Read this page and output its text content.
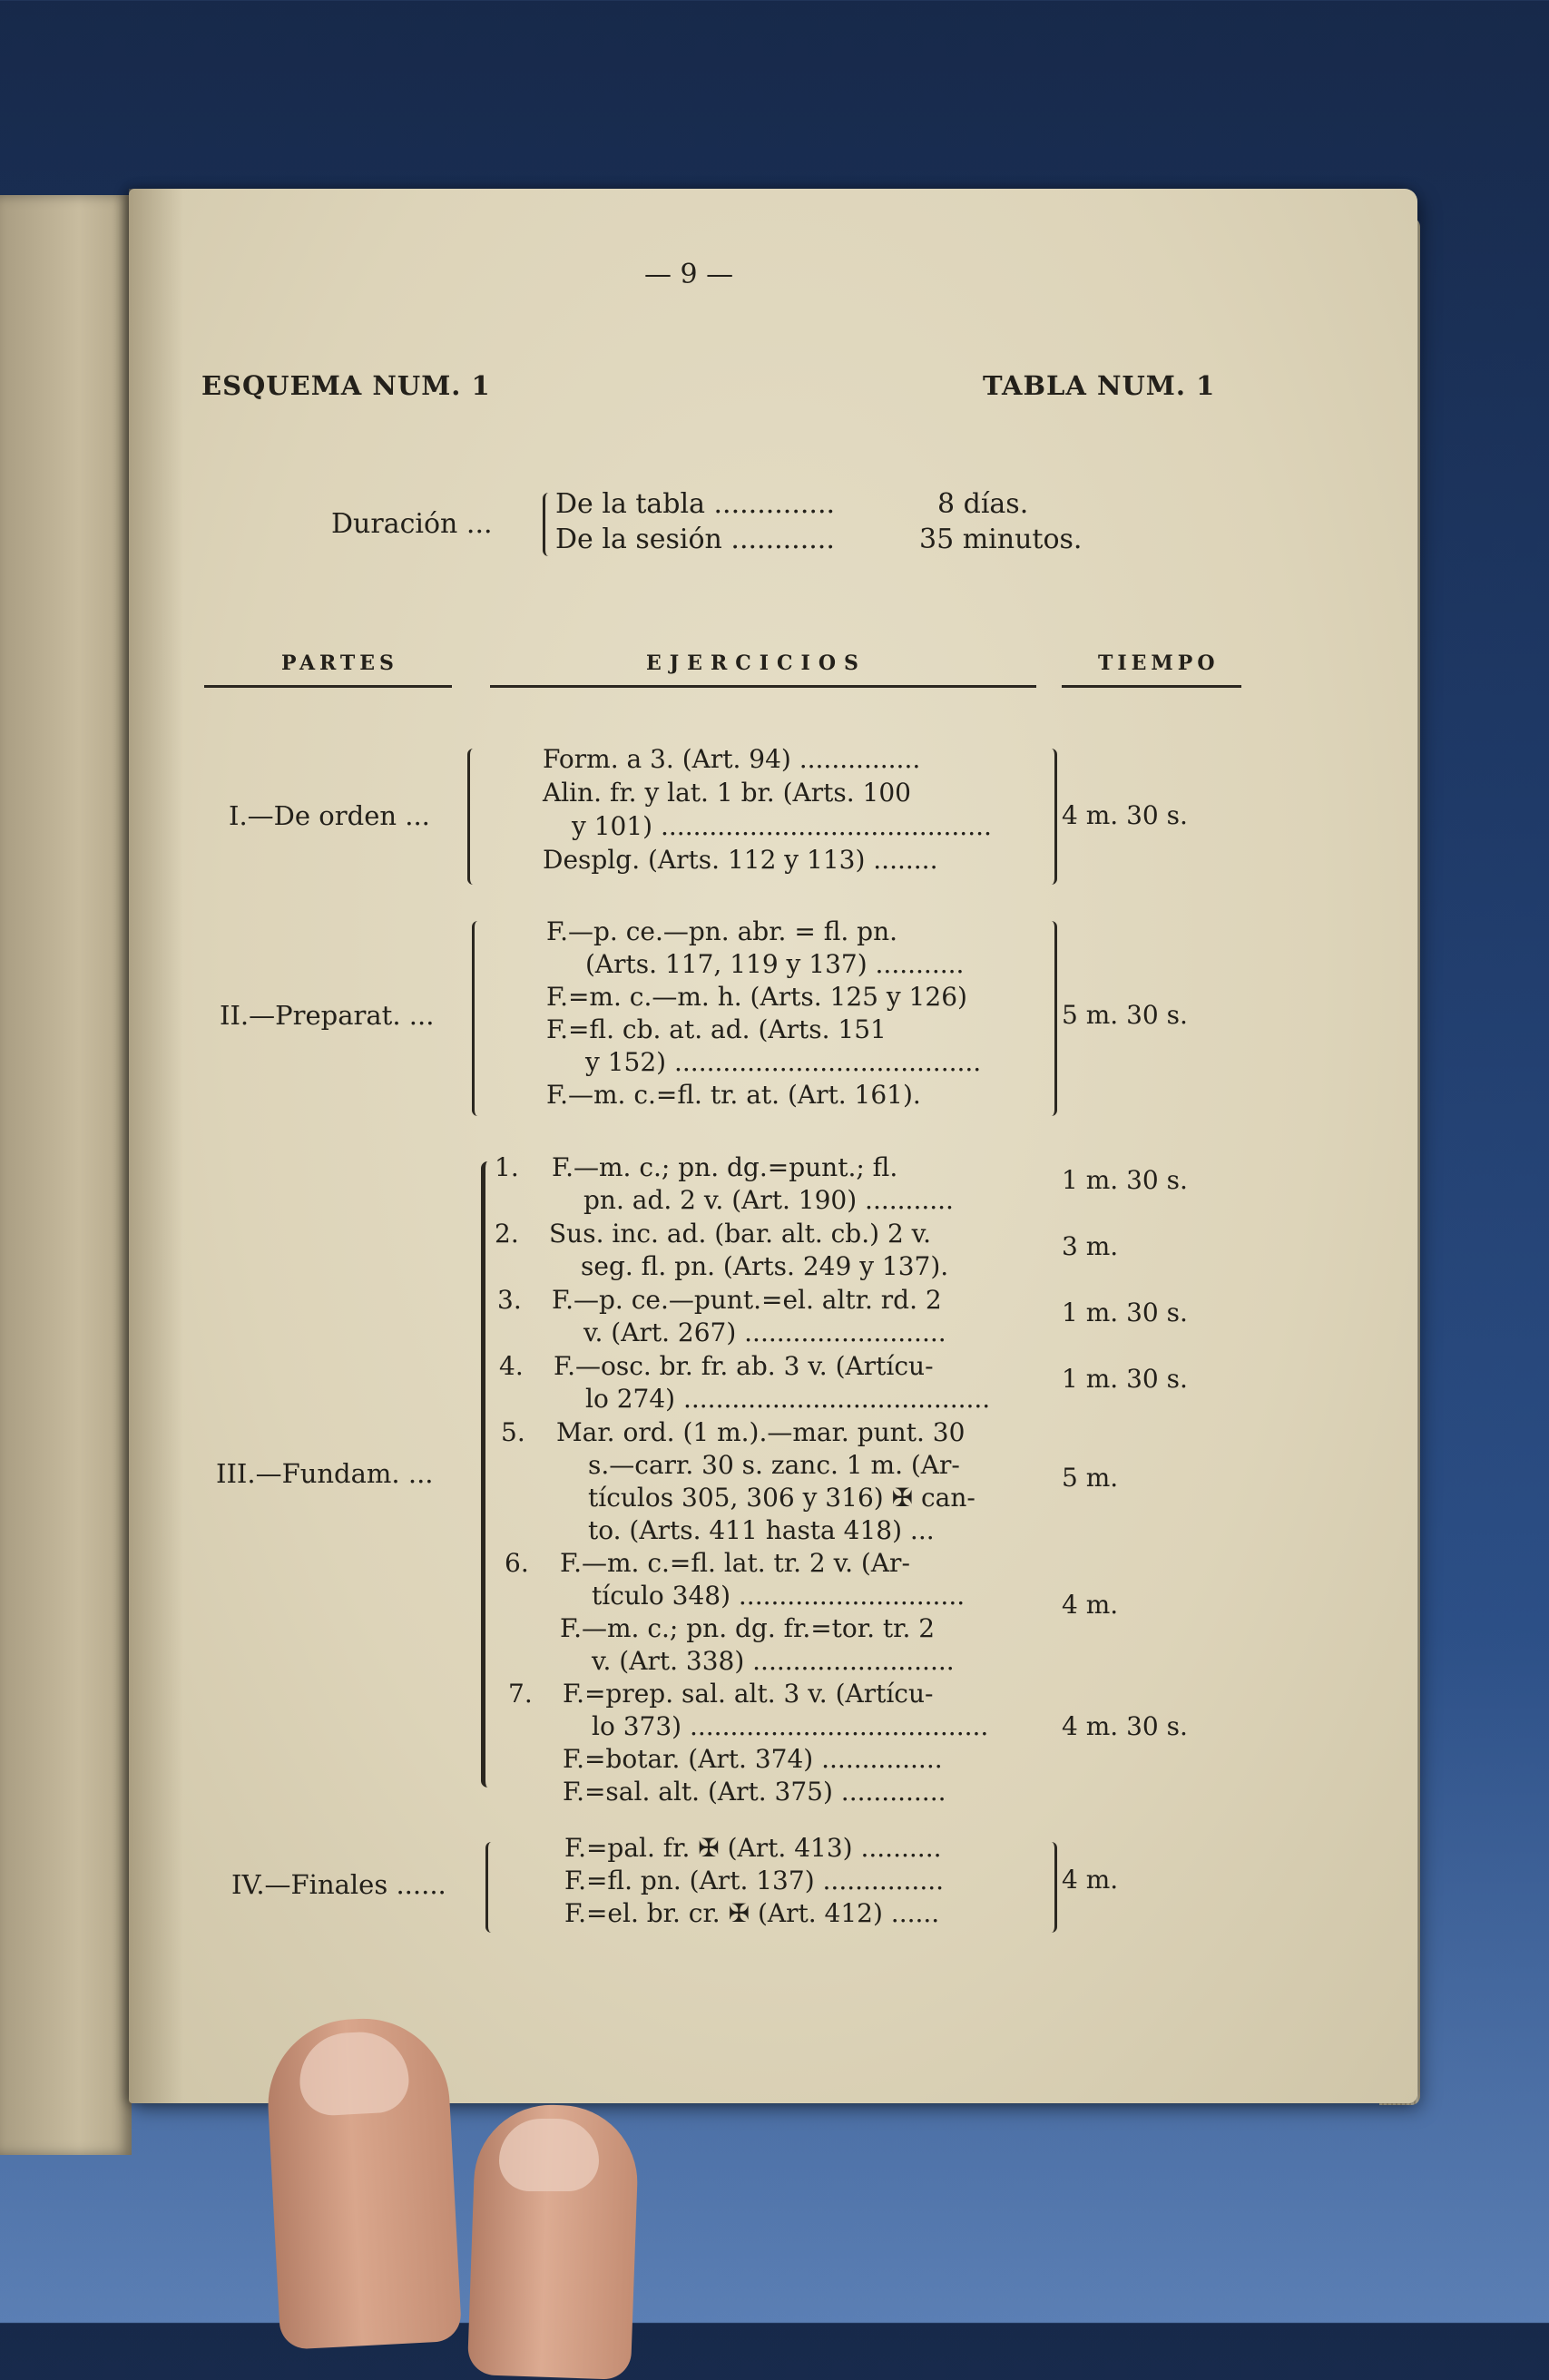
— 9 —
ESQUEMA NUM. 1	TABLA NUM. 1
Duración ...
De la tabla ..............	8 días.
De la sesión ............	35 minutos.
PARTES	EJERCICIOS	TIEMPO
I.—De orden ...
Form. a 3. (Art. 94) ...............
Alin. fr. y lat. 1 br. (Arts. 100
y 101) .........................................
Desplg. (Arts. 112 y 113) ........
4 m. 30 s.
II.—Preparat. ...
F.—p. ce.—pn. abr. = fl. pn.
(Arts. 117, 119 y 137) ...........
F.=m. c.—m. h. (Arts. 125 y 126)
F.=fl. cb. at. ad. (Arts. 151
y 152) ......................................
F.—m. c.=fl. tr. at. (Art. 161).
5 m. 30 s.
III.—Fundam. ...
1. F.—m. c.; pn. dg.=punt.; fl.
pn. ad. 2 v. (Art. 190) ...........
1 m. 30 s.
2. Sus. inc. ad. (bar. alt. cb.) 2 v.
seg. fl. pn. (Arts. 249 y 137).
3 m.
3. F.—p. ce.—punt.=el. altr. rd. 2
v. (Art. 267) .........................
1 m. 30 s.
4. F.—osc. br. fr. ab. 3 v. (Artícu-
lo 274) ......................................
1 m. 30 s.
5. Mar. ord. (1 m.).—mar. punt. 30
s.—carr. 30 s. zanc. 1 m. (Ar-
tículos 305, 306 y 316) ✠ can-
to. (Arts. 411 hasta 418) ...
5 m.
6. F.—m. c.=fl. lat. tr. 2 v. (Ar-
tículo 348) ............................
F.—m. c.; pn. dg. fr.=tor. tr. 2
v. (Art. 338) .........................
4 m.
7. F.=prep. sal. alt. 3 v. (Artícu-
lo 373) .....................................
F.=botar. (Art. 374) ...............
F.=sal. alt. (Art. 375) .............
4 m. 30 s.
IV.—Finales ......
F.=pal. fr. ✠ (Art. 413) ..........
F.=fl. pn. (Art. 137) ...............
F.=el. br. cr. ✠ (Art. 412) ......
4 m.
